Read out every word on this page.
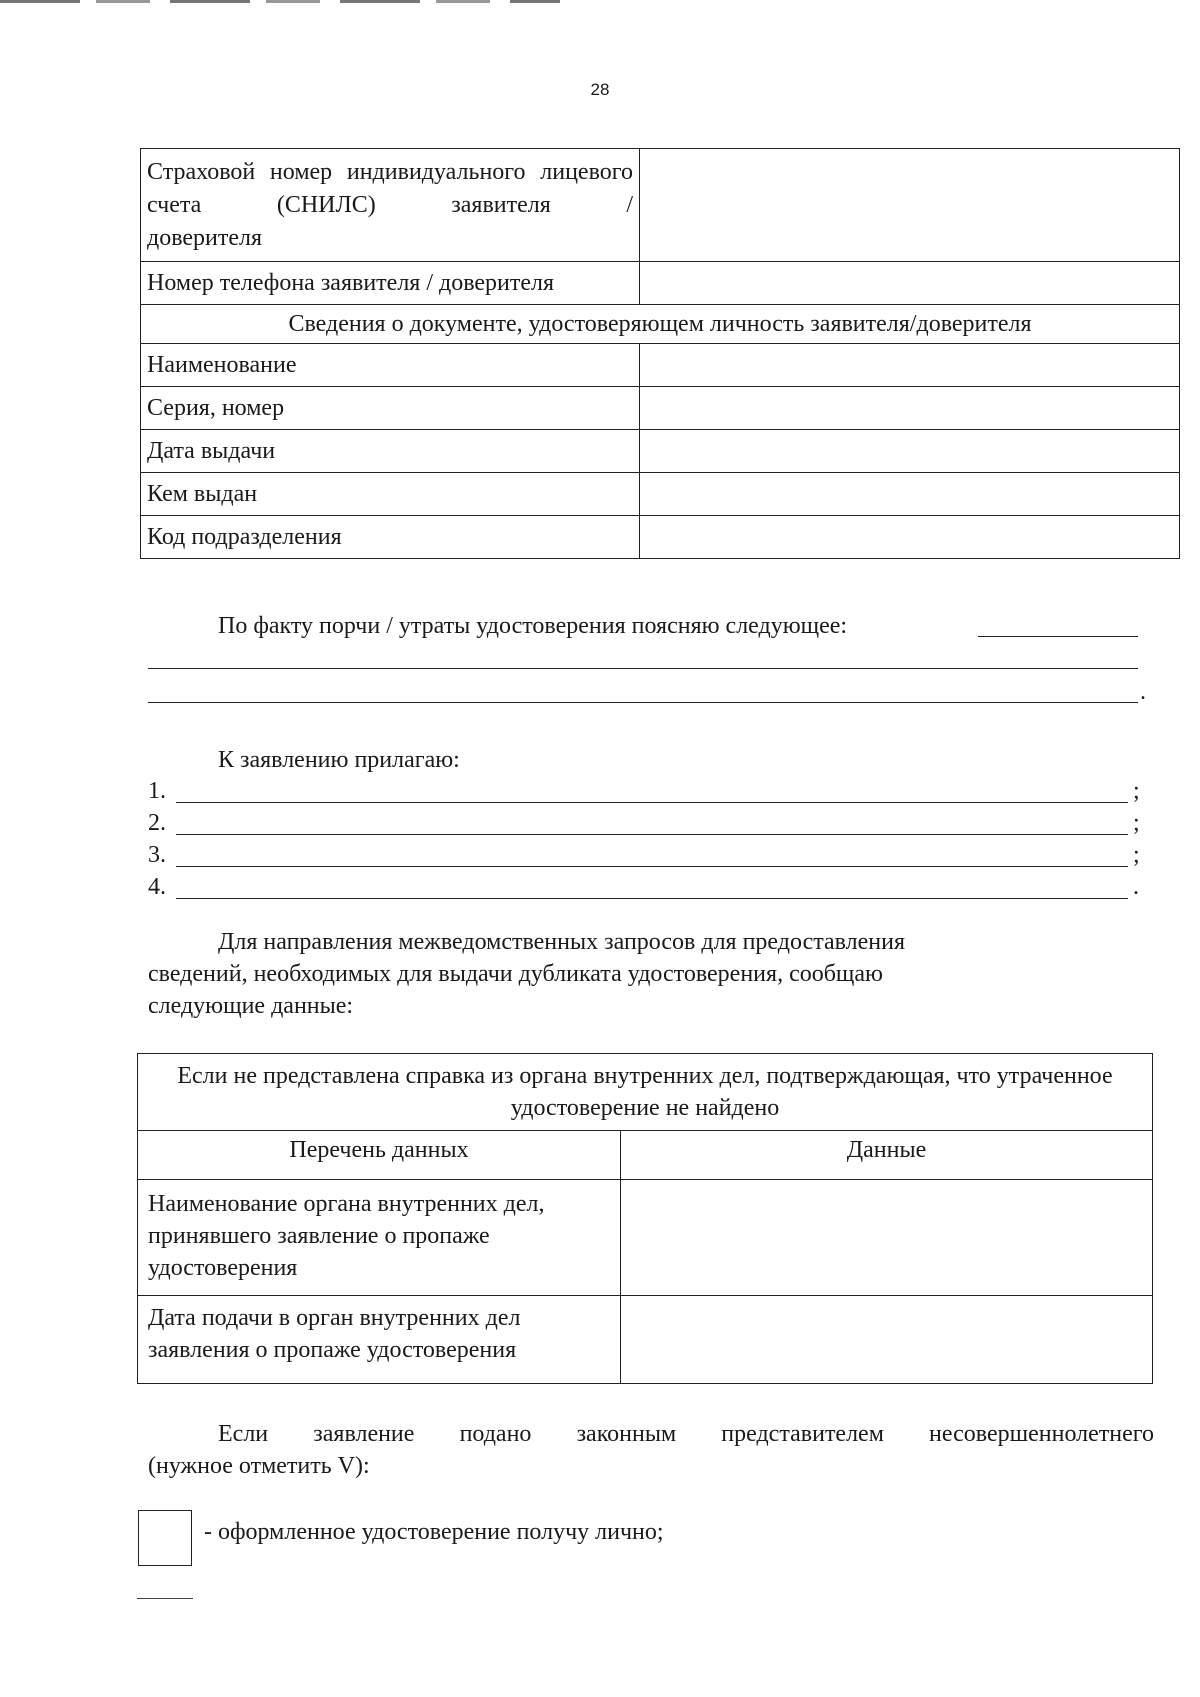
28
Страховой номер индивидуального лицевого счета (СНИЛС) заявителя /
доверителя	

Номер телефона заявителя / доверителя	
Сведения о документе, удостоверяющем личность заявителя/доверителя	
Наименование	
Серия, номер	
Дата выдачи	
Кем выдан	
Код подразделения	
По факту порчи / утраты удостоверения поясняю следующее:
.
К заявлению прилагаю:
1.	;
2.	;
3.	;
4.	.
Для направления межведомственных запросов для предоставления
сведений, необходимых для выдачи дубликата удостоверения, сообщаю
следующие данные:
Если не представлена справка из органа внутренних дел, подтверждающая, что утраченное удостоверение не найдено	
Перечень данных	Данные
Наименование органа внутренних дел, принявшего заявление о пропаже удостоверения	
Дата подачи в орган внутренних дел заявления о пропаже удостоверения	
Если заявление подано законным представителем несовершеннолетнего
(нужное отметить V):
- оформленное удостоверение получу лично;
